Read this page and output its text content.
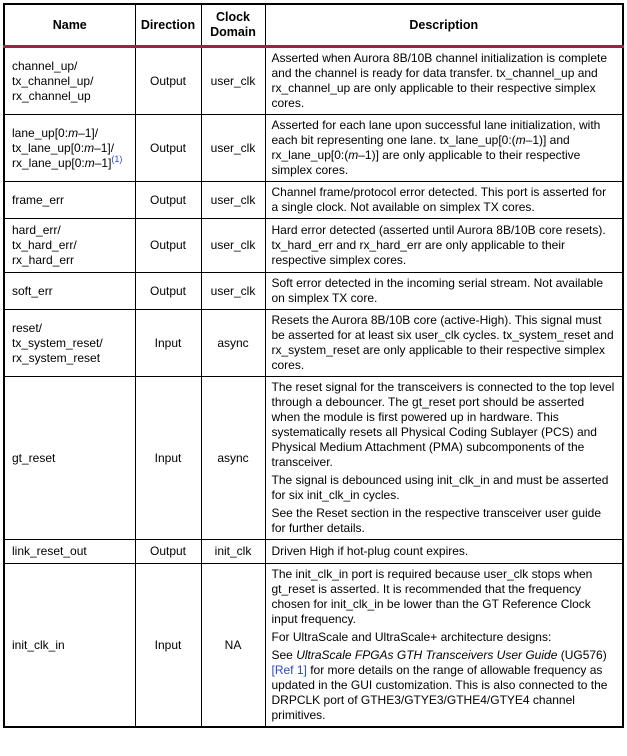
Name	Direction	Clock Domain	Description

channel_up/
tx_channel_up/
rx_channel_up	Output	user_clk	Asserted when Aurora 8B/10B channel initialization is complete and the channel is ready for data transfer. tx_channel_up and rx_channel_up are only applicable to their respective simplex cores.

lane_up[0:m–1]/
tx_lane_up[0:m–1]/
rx_lane_up[0:m–1]$^{(1)}$	Output	user_clk	Asserted for each lane upon successful lane initialization, with each bit representing one lane. tx_lane_up[0:(m–1)] and rx_lane_up[0:(m–1)] are only applicable to their respective simplex cores.

frame_err	Output	user_clk	Channel frame/protocol error detected. This port is asserted for a single clock. Not available on simplex TX cores.

hard_err/
tx_hard_err/
rx_hard_err	Output	user_clk	Hard error detected (asserted until Aurora 8B/10B core resets). tx_hard_err and rx_hard_err are only applicable to their respective simplex cores.

soft_err	Output	user_clk	Soft error detected in the incoming serial stream. Not available on simplex TX core.

reset/
tx_system_reset/
rx_system_reset	Input	async	Resets the Aurora 8B/10B core (active-High). This signal must be asserted for at least six user_clk cycles. tx_system_reset and rx_system_reset are only applicable to their respective simplex cores.

gt_reset	Input	async	The reset signal for the transceivers is connected to the top level through a debouncer. The gt_reset port should be asserted when the module is first powered up in hardware. This systematically resets all Physical Coding Sublayer (PCS) and Physical Medium Attachment (PMA) subcomponents of the transceiver.

The signal is debounced using init_clk_in and must be asserted for six init_clk_in cycles.

See the Reset section in the respective transceiver user guide for further details.

link_reset_out	Output	init_clk	Driven High if hot-plug count expires.

init_clk_in	Input	NA	The init_clk_in port is required because user_clk stops when gt_reset is asserted. It is recommended that the frequency chosen for init_clk_in be lower than the GT Reference Clock input frequency.

For UltraScale and UltraScale+ architecture designs:

See UltraScale FPGAs GTH Transceivers User Guide (UG576) [Ref 1] for more details on the range of allowable frequency as updated in the GUI customization. This is also connected to the DRPCLK port of GTHE3/GTYE3/GTHE4/GTYE4 channel primitives.
